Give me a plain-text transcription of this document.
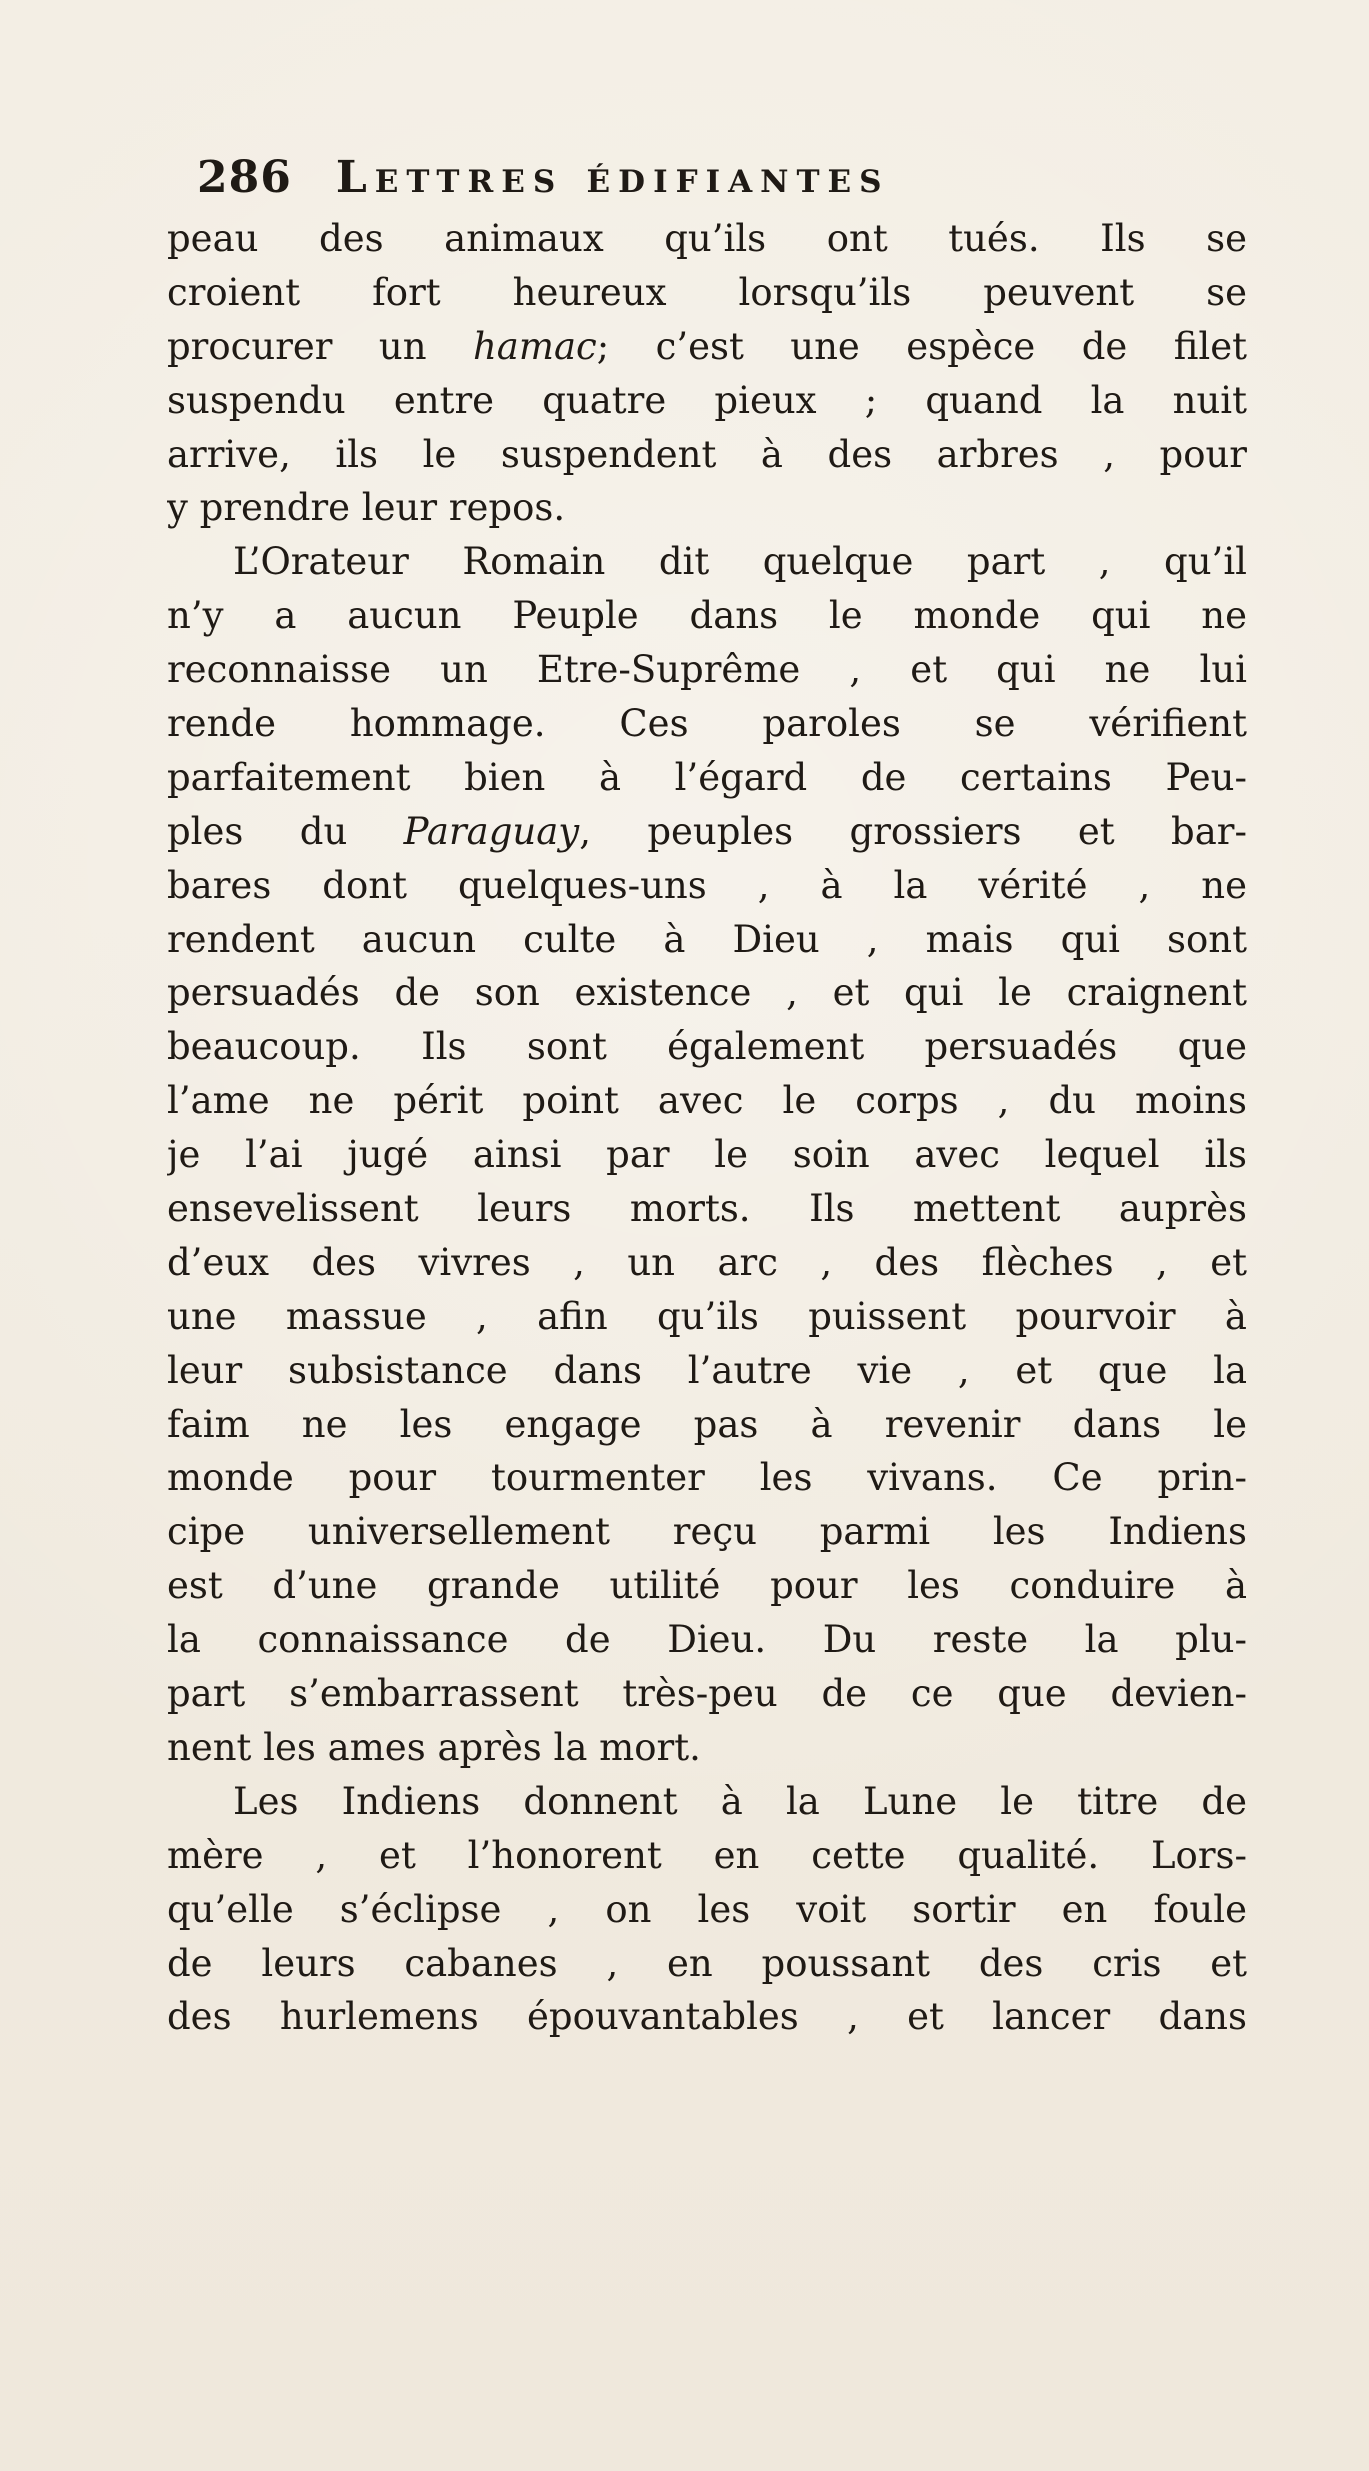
286 Lettres édifiantes
peau des animaux qu’ils ont tués. Ils se
croient fort heureux lorsqu’ils peuvent se
procurer un hamac; c’est une espèce de filet
suspendu entre quatre pieux ; quand la nuit
arrive, ils le suspendent à des arbres , pour
y prendre leur repos.
L’Orateur Romain dit quelque part , qu’il
n’y a aucun Peuple dans le monde qui ne
reconnaisse un Etre-Suprême , et qui ne lui
rende hommage. Ces paroles se vérifient
parfaitement bien à l’égard de certains Peu-
ples du Paraguay, peuples grossiers et bar-
bares dont quelques-uns , à la vérité , ne
rendent aucun culte à Dieu , mais qui sont
persuadés de son existence , et qui le craignent
beaucoup. Ils sont également persuadés que
l’ame ne périt point avec le corps , du moins
je l’ai jugé ainsi par le soin avec lequel ils
ensevelissent leurs morts. Ils mettent auprès
d’eux des vivres , un arc , des flèches , et
une massue , afin qu’ils puissent pourvoir à
leur subsistance dans l’autre vie , et que la
faim ne les engage pas à revenir dans le
monde pour tourmenter les vivans. Ce prin-
cipe universellement reçu parmi les Indiens
est d’une grande utilité pour les conduire à
la connaissance de Dieu. Du reste la plu-
part s’embarrassent très-peu de ce que devien-
nent les ames après la mort.
Les Indiens donnent à la Lune le titre de
mère , et l’honorent en cette qualité. Lors-
qu’elle s’éclipse , on les voit sortir en foule
de leurs cabanes , en poussant des cris et
des hurlemens épouvantables , et lancer dans
